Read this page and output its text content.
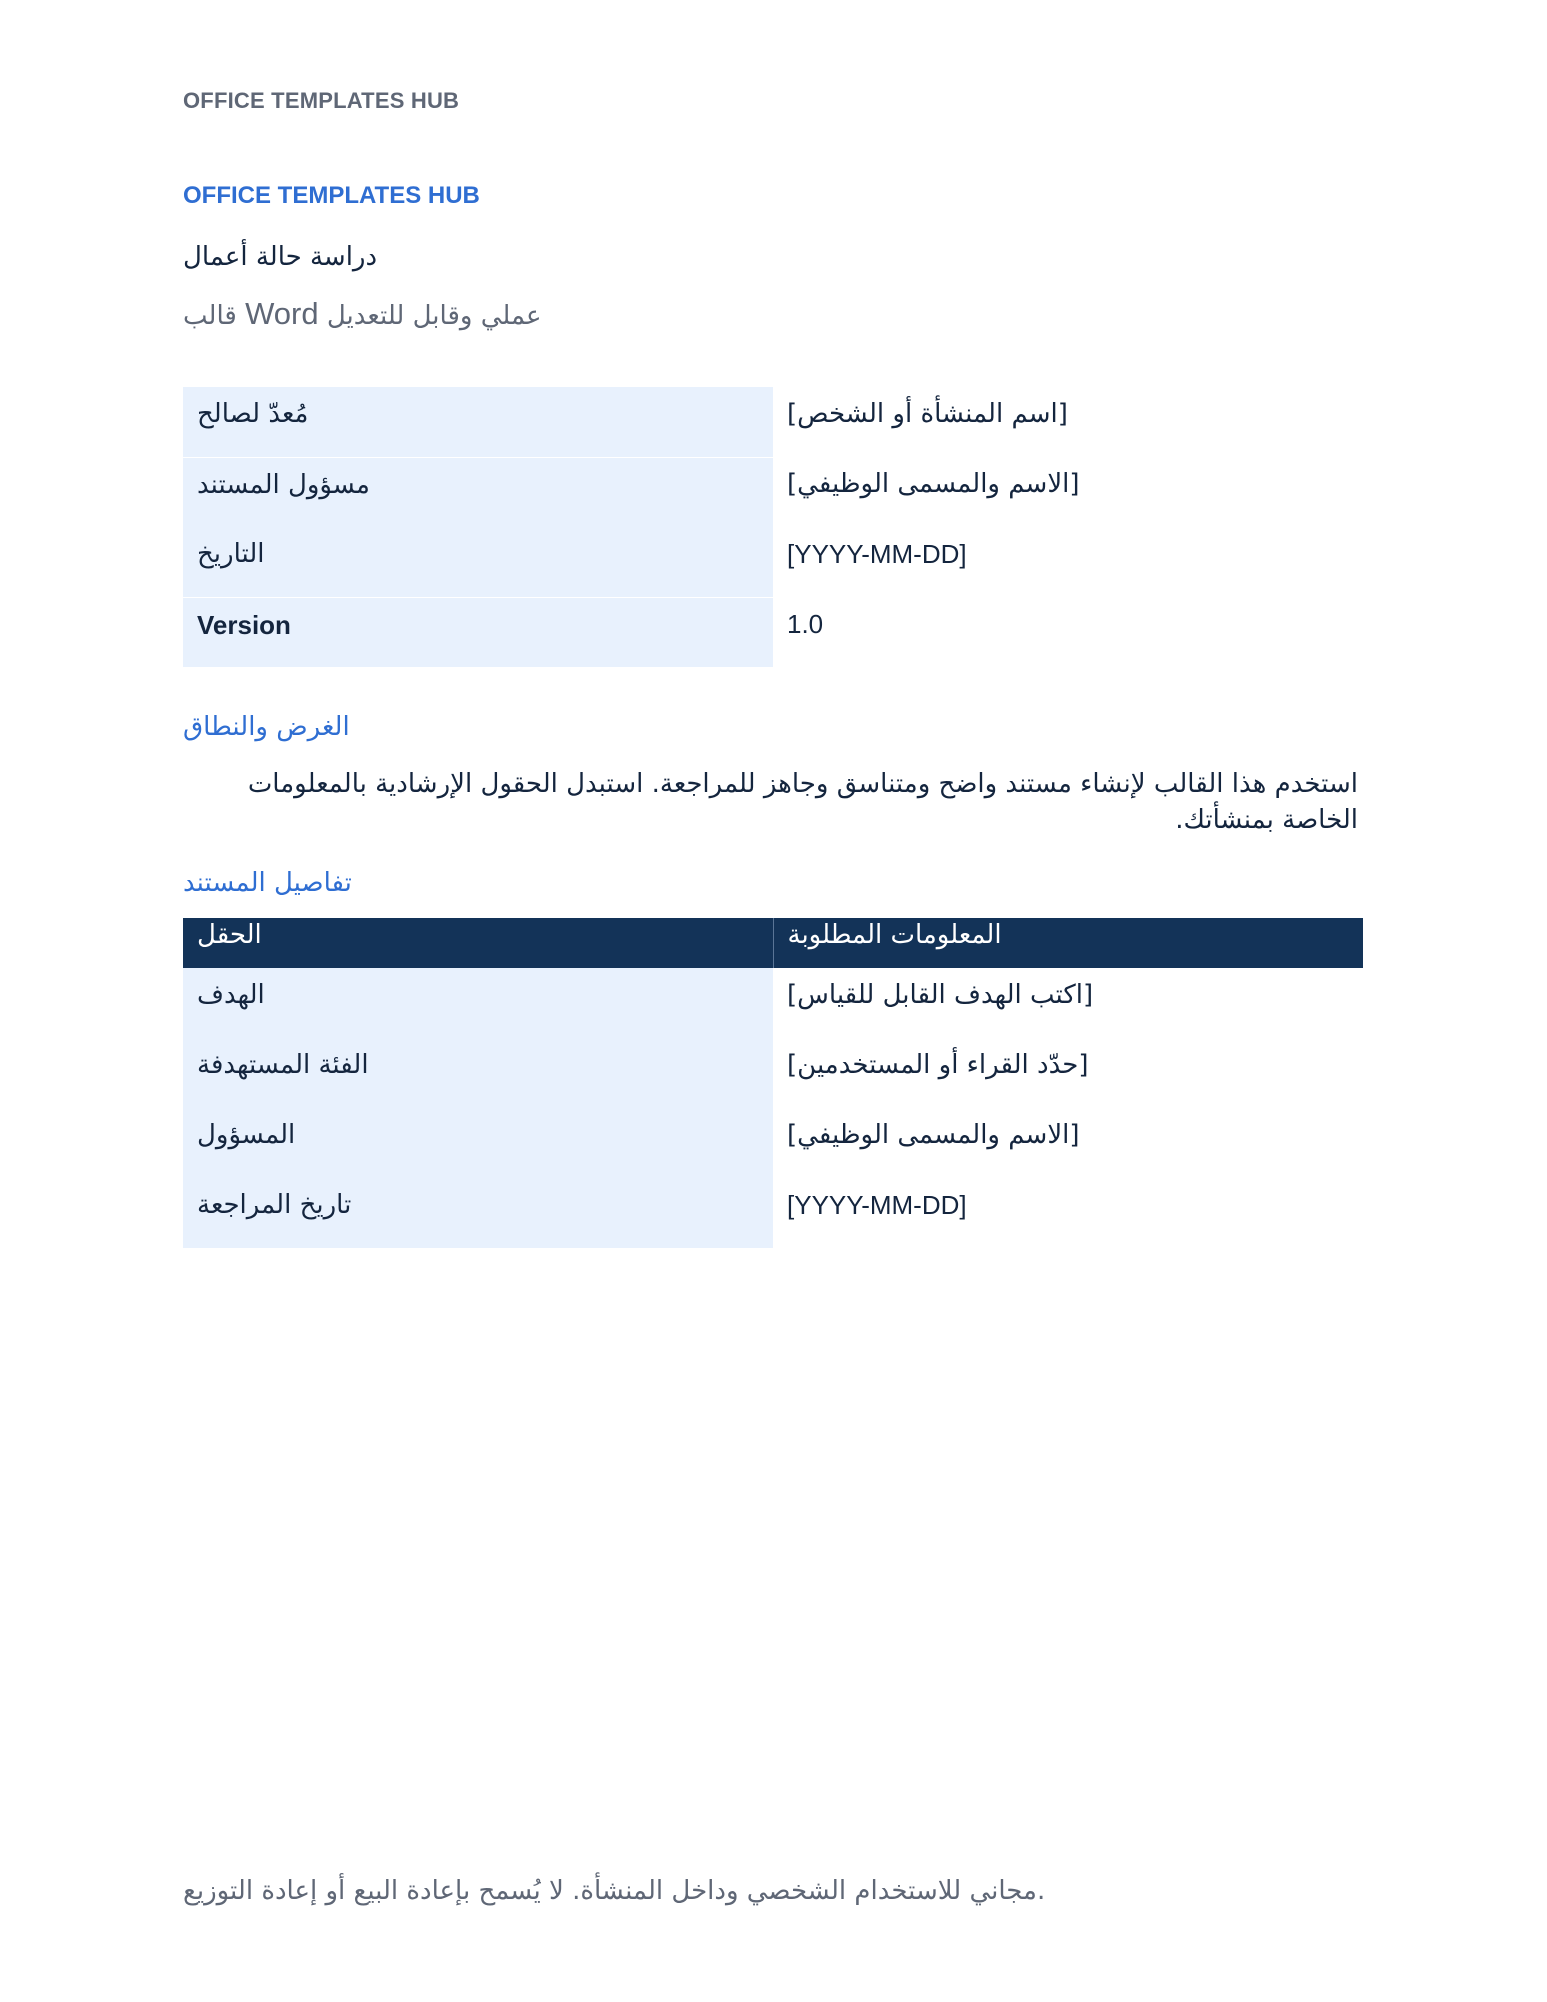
OFFICE TEMPLATES HUB
OFFICE TEMPLATES HUB
دراسة حالة أعمال
قالب Word عملي وقابل للتعديل
مُعدّ لصالح	[اسم المنشأة أو الشخص]
مسؤول المستند	[الاسم والمسمى الوظيفي]
التاريخ	[YYYY-MM-DD]
Version	1.0
الغرض والنطاق
استخدم هذا القالب لإنشاء مستند واضح ومتناسق وجاهز للمراجعة. استبدل الحقول الإرشادية بالمعلومات الخاصة بمنشأتك.
تفاصيل المستند
الحقل	المعلومات المطلوبة
الهدف	[اكتب الهدف القابل للقياس]
الفئة المستهدفة	[حدّد القراء أو المستخدمين]
المسؤول	[الاسم والمسمى الوظيفي]
تاريخ المراجعة	[YYYY-MM-DD]
مجاني للاستخدام الشخصي وداخل المنشأة. لا يُسمح بإعادة البيع أو إعادة التوزيع.
